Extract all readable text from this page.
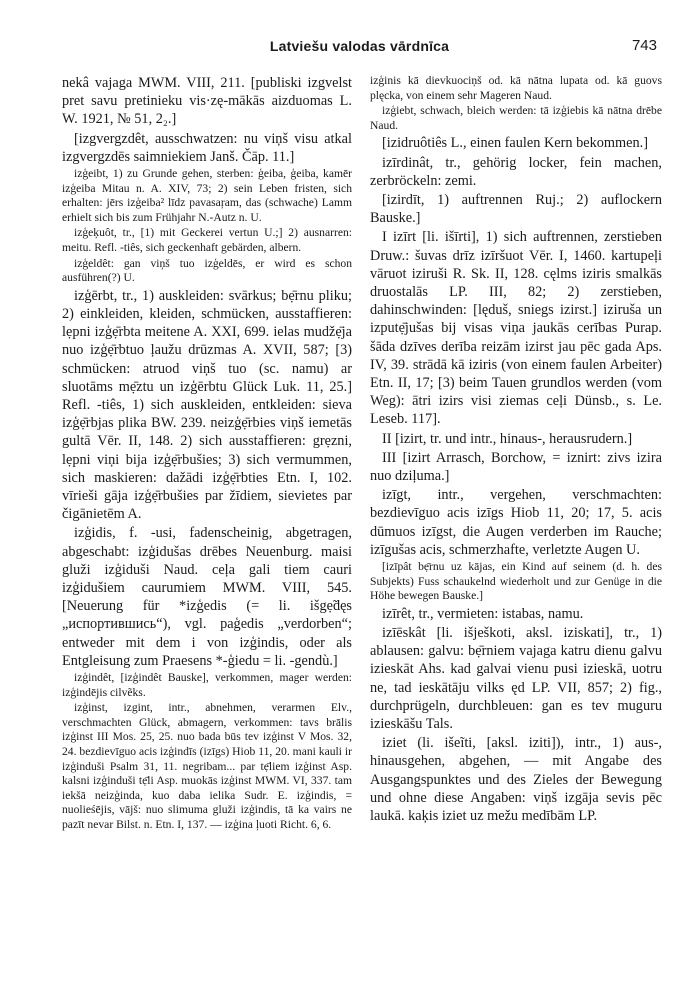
Latviešu valodas vārdnīca	743

nekâ vajaga MWM. VIII, 211. [publiski izgvelst pret savu pretinieku vis·zę-mākās aizduomas L. W. 1921, № 51, 2₂.]

[izgvergzdêt, ausschwatzen: nu viņš visu atkal izgvergzdēs saimniekiem Janš. Čāp. 11.]

izģeibt, 1) zu Grunde gehen, sterben: ģeiba, ģeiba, kamēr izģeiba Mitau n. A. XIV, 73; 2) sein Leben fristen, sich erhalten: jērs izģeiba² līdz pavasaŗam, das (schwache) Lamm erhielt sich bis zum Frühjahr N.-Autz n. U.

izģeķuôt, tr., [1) mit Geckerei vertun U.;] 2) ausnarren: meitu. Refl. -tiês, sich geckenhaft gebärden, albern.

izģeldêt: gan viņš tuo izģeldēs, er wird es schon ausführen(?) U.

izģērbt, tr., 1) auskleiden: svārkus; bẹ̄rnu pliku; 2) einkleiden, kleiden, schmücken, ausstaffieren: lẹpni izģẹ̄rbta meitene A. XXI, 699. ielas mudžẹ̄ja nuo izģẹ̄rbtuo ļaužu drūzmas A. XVII, 587; [3) schmücken: atruod viņš tuo (sc. namu) ar sluotāms mẹ̄ztu un izģērbtu Glück Luk. 11, 25.] Refl. -tiês, 1) sich auskleiden, entkleiden: sieva izģẹ̄rbjas plika BW. 239. neizģẹ̄rbies viņš iemetās gultā Vēr. II, 148. 2) sich ausstaffieren: grẹzni, lẹpni viņi bija izģẹ̄rbušies; 3) sich vermummen, sich maskieren: dažādi izģẹ̄rbties Etn. I, 102. vīrieši gāja izģẹ̄rbušies par žīdiem, sievietes par čigānietēm A.

izģidis, f. -usi, fadenscheinig, abgetragen, abgeschabt: izģidušas drēbes Neuenburg. maisi gluži izģiduši Naud. ceļa gali tiem cauri izģidušiem caurumiem MWM. VIII, 545. [Neuerung für *izģedis (= li. išgẹ̃dęs „испортившись“), vgl. paģedis „verdorben“; entweder mit dem i von izģindis, oder als Entgleisung zum Praesens *-ģiedu = li. -gendù.]

izģindêt, [izģindêt Bauske], verkommen, mager werden: izģindējis cilvẽks.

izģinst, izgint, intr., abnehmen, verarmen Elv., verschmachten Glück, abmagern, verkommen: tavs brālis izģinst III Mos. 25, 25. nuo bada būs tev izģinst V Mos. 32, 24. bezdievīguo acis izģindīs (izīgs) Hiob 11, 20. mani kauli ir izģinduši Psalm 31, 11. negribam... par tẹ̄liem izģinst Asp. kalsni izģinduši tẹ̄li Asp. muokās izģinst MWM. VI, 337. tam iekšā neizģinda, kuo daba ielika Sudr. E. izģindis, = nuolieśējis, vājš: nuo slimuma gluži izģindis, tā ka vairs ne pazīt nevar Bilst. n. Etn. I, 137. — izģina ļuoti Richt. 6, 6.

izģinis kā dievkuociņš od. kā nātna lupata od. kā guovs plęcka, von einem sehr Mageren Naud.

izģiebt, schwach, bleich werden: tā izģiebis kā nātna drēbe Naud.

[izidruôtiês L., einen faulen Kern bekommen.]

izīrdinât, tr., gehörig locker, fein machen, zerbröckeln: zemi.

[izirdīt, 1) auftrennen Ruj.; 2) auflockern Bauske.]

I izīrt [li. išīrti], 1) sich auftrennen, zerstieben Druw.: šuvas drīz izīršuot Vēr. I, 1460. kartupeļi vāruot iziruši R. Sk. II, 128. cęlms iziris smalkās druostalās LP. III, 82; 2) zerstieben, dahinschwinden: [lęduš, sniegs izirst.] iziruša un izputẹ̄jušas bij visas viņa jaukās cerības Purap. šāda dzīves derība reizām izirst jau pēc gada Aps. IV, 39. strādā kā iziris (von einem faulen Arbeiter) Etn. II, 17; [3) beim Tauen grundlos werden (vom Weg): ātri izirs visi ziemas ceļi Dünsb., s. Le. Leseb. 117].

II [izirt, tr. und intr., hinaus-, herausrudern.]

III [izirt Arrasch, Borchow, = iznirt: zivs izira nuo dziļuma.]

izīgt, intr., vergehen, verschmachten: bezdievīguo acis izīgs Hiob 11, 20; 17, 5. acis dūmuos izīgst, die Augen verderben im Rauche; izīgušas acis, schmerzhafte, verletzte Augen U.

[izīpât bẹ̄rnu uz kājas, ein Kind auf seinem (d. h. des Subjekts) Fuss schaukelnd wiederholt und zur Genüge in die Höhe bewegen Bauske.]

izīrêt, tr., vermieten: istabas, namu.

izīēskât [li. išješkoti, aksl. iziskati], tr., 1) ablausen: galvu: bẹ̄rniem vajaga katru dienu galvu izieskāt Ahs. kad galvai vienu pusi izieskā, uotru ne, tad ieskātāju vilks ęd LP. VII, 857; 2) fig., durchprügeln, durchbleuen: gan es tev muguru izieskāšu Tals.

iziet (li. išeĩti, [aksl. iziti]), intr., 1) aus-, hinausgehen, abgehen, — mit Angabe des Ausgangspunktes und des Zieles der Bewegung und ohne diese Angaben: viņš izgāja sevis pēc laukā. kaķis iziet uz mežu medībām LP.
